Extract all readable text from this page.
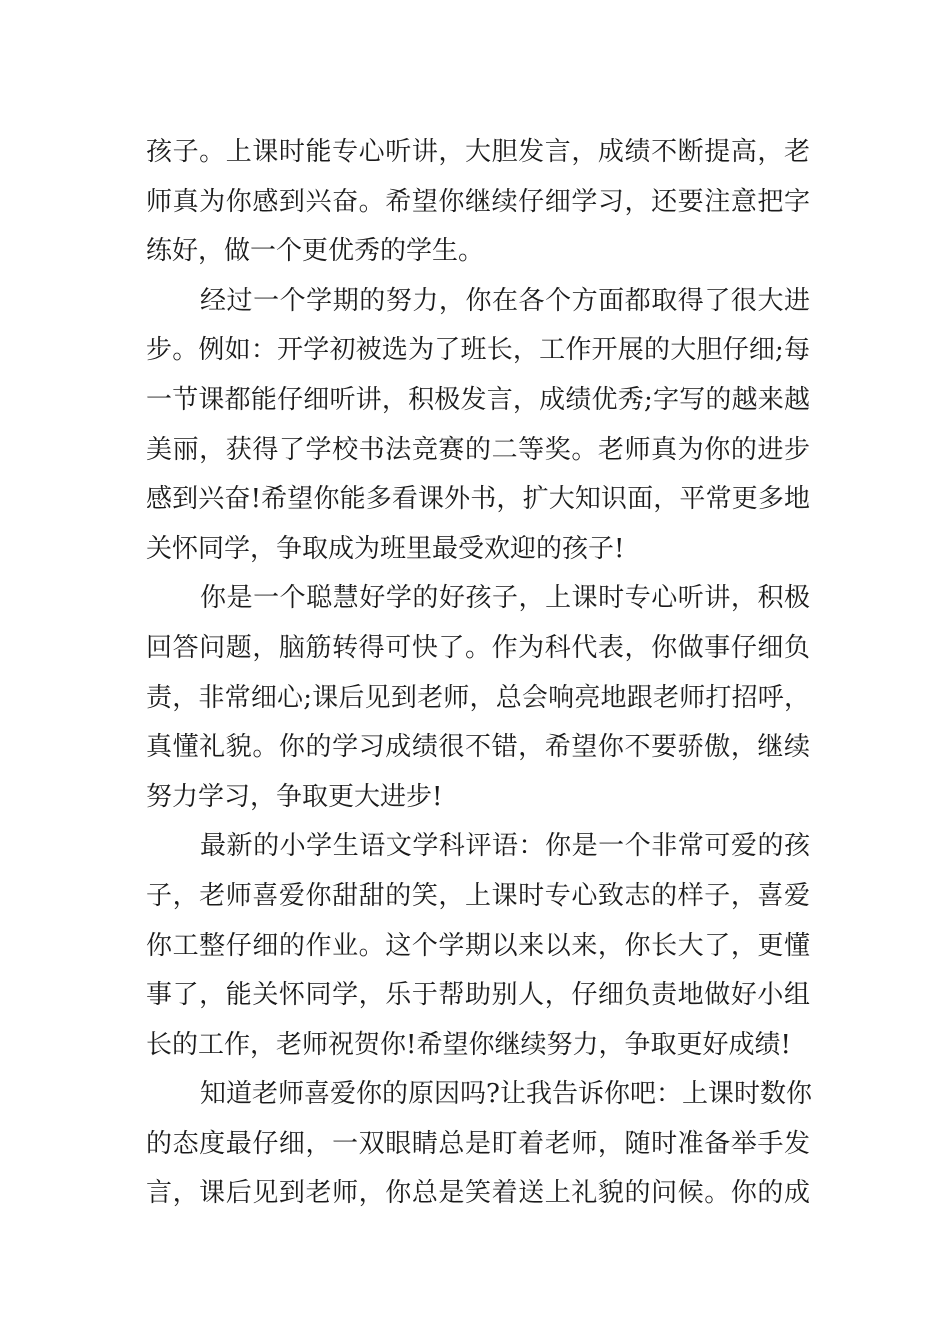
孩子。上课时能专心听讲，大胆发言，成绩不断提高，老
师真为你感到兴奋。希望你继续仔细学习，还要注意把字
练好，做一个更优秀的学生。
经过一个学期的努力，你在各个方面都取得了很大进
步。例如：开学初被选为了班长，工作开展的大胆仔细;每
一节课都能仔细听讲，积极发言，成绩优秀;字写的越来越
美丽，获得了学校书法竞赛的二等奖。老师真为你的进步
感到兴奋!希望你能多看课外书，扩大知识面，平常更多地
关怀同学，争取成为班里最受欢迎的孩子!
你是一个聪慧好学的好孩子，上课时专心听讲，积极
回答问题，脑筋转得可快了。作为科代表，你做事仔细负
责，非常细心;课后见到老师，总会响亮地跟老师打招呼，
真懂礼貌。你的学习成绩很不错，希望你不要骄傲，继续
努力学习，争取更大进步!
最新的小学生语文学科评语：你是一个非常可爱的孩
子，老师喜爱你甜甜的笑，上课时专心致志的样子，喜爱
你工整仔细的作业。这个学期以来以来，你长大了，更懂
事了，能关怀同学，乐于帮助别人，仔细负责地做好小组
长的工作，老师祝贺你!希望你继续努力，争取更好成绩!
知道老师喜爱你的原因吗?让我告诉你吧：上课时数你
的态度最仔细，一双眼睛总是盯着老师，随时准备举手发
言，课后见到老师，你总是笑着送上礼貌的问候。你的成
